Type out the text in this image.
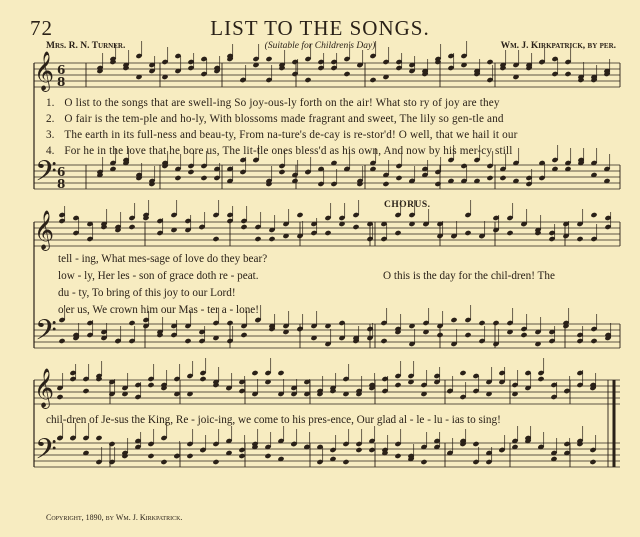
72	LIST TO THE SONGS.
Mrs. R. N. Turner.	(Suitable for Children's Day)	Wm. J. Kirkpatrick, by per.
𝄞
𝄢
6
8
6
8
𝄞
𝄢
𝄞
𝄢
1. O list to the songs that are swell-ing So joy-ous-ly forth on the air! What sto ry of joy are they
2. O fair is the tem-ple and ho-ly, With blossoms made fragrant and sweet, The lily so gen-tle and
3. The earth in its full-ness and beau-ty, From na-ture's de-cay is re-stor'd! O well, that we hail it our
4. For he in the love that he bore us, The lit-tle ones bless'd as his own, And now by his mer-cy still
CHORUS.
tell - ing, What mes-sage of love do they bear?
low - ly, Her les - son of grace doth re - peat.
du - ty, To bring of this joy to our Lord!
o'er us, We crown him our Mas - ter a - lone!
O this is the day for the chil-dren! The
chil-dren of Je-sus the King, Re - joic-ing, we come to his pres-ence, Our glad al - le - lu - ias to sing!
Copyright, 1890, by Wm. J. Kirkpatrick.
